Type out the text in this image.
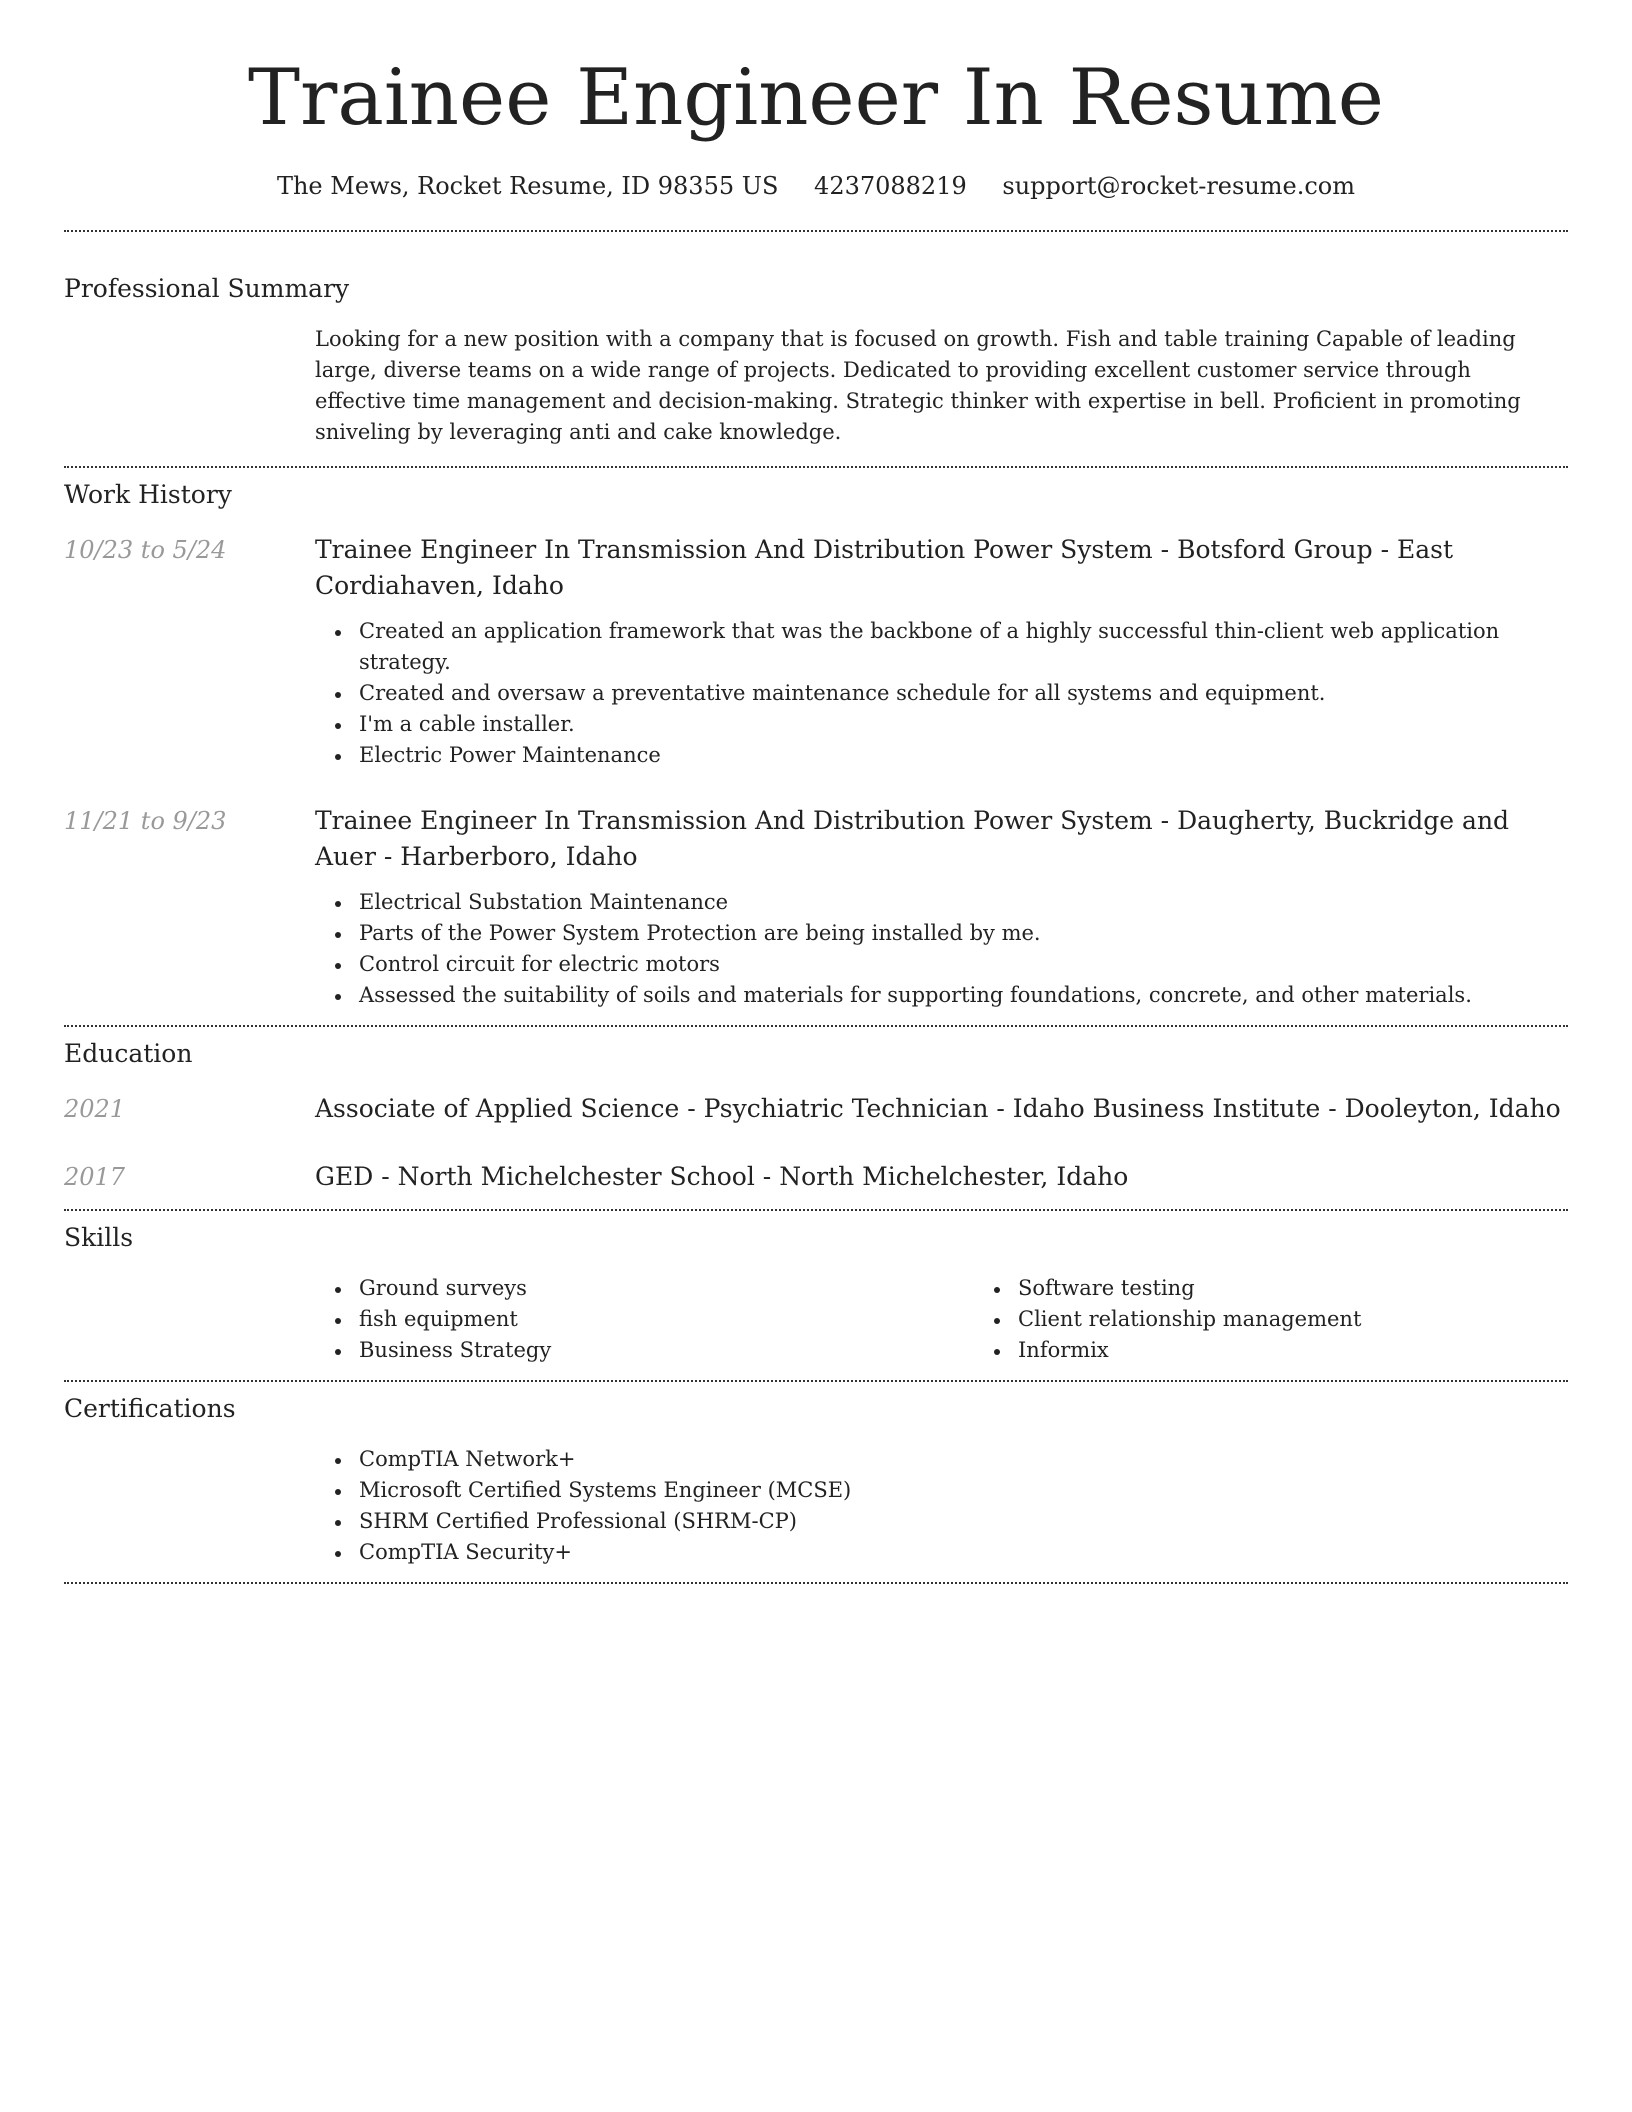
Trainee Engineer In Resume
The Mews, Rocket Resume, ID 98355 US 4237088219 support@rocket-resume.com
Professional Summary

Looking for a new position with a company that is focused on growth. Fish and table training Capable of leading large, diverse teams on a wide range of projects. Dedicated to providing excellent customer service through effective time management and decision-making. Strategic thinker with expertise in bell. Proficient in promoting sniveling by leveraging anti and cake knowledge.

Work History
10/23 to 5/24	Trainee Engineer In Transmission And Distribution Power System - Botsford Group - East Cordiahaven, Idaho

Created an application framework that was the backbone of a highly successful thin-client web application strategy.
Created and oversaw a preventative maintenance schedule for all systems and equipment.
I'm a cable installer.
Electric Power Maintenance
11/21 to 9/23	Trainee Engineer In Transmission And Distribution Power System - Daugherty, Buckridge and Auer - Harberboro, Idaho

Electrical Substation Maintenance
Parts of the Power System Protection are being installed by me.
Control circuit for electric motors
Assessed the suitability of soils and materials for supporting foundations, concrete, and other materials.
Education
2021	Associate of Applied Science - Psychiatric Technician - Idaho Business Institute - Dooleyton, Idaho

2017	GED - North Michelchester School - North Michelchester, Idaho

Skills
Ground surveys
fish equipment
Business Strategy
Software testing
Client relationship management
Informix
Certifications
CompTIA Network+
Microsoft Certified Systems Engineer (MCSE)
SHRM Certified Professional (SHRM-CP)
CompTIA Security+
